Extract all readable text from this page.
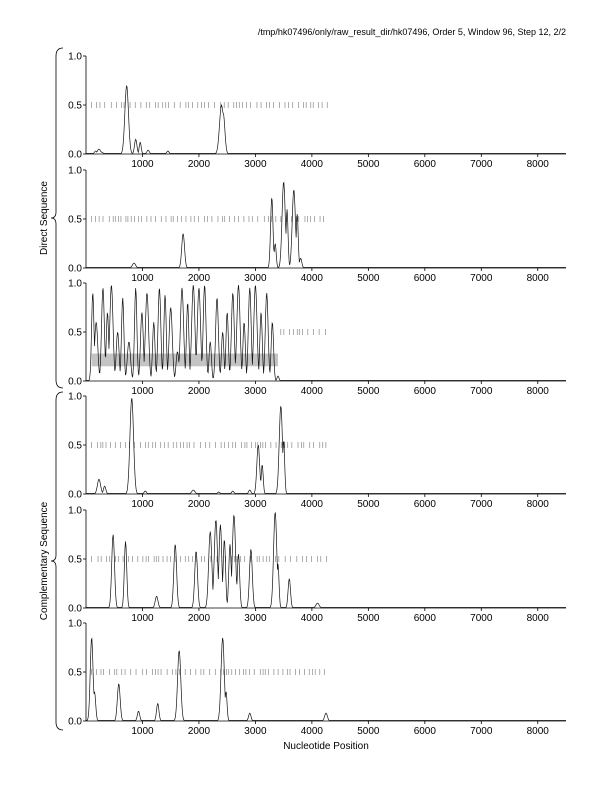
/tmp/hk07496/only/raw_result_dir/hk07496, Order 5, Window 96, Step 12, 2/2
Direct Sequence
Complementary Sequence
0.0
0.5
1.0
1000	2000	3000	4000	5000	6000	7000	8000
0.0
0.5
1.0
1000	2000	3000	4000	5000	6000	7000	8000
0.0
0.5
1.0
1000	2000	3000	4000	5000	6000	7000	8000
0.0
0.5
1.0
1000	2000	3000	4000	5000	6000	7000	8000
0.0
0.5
1.0
1000	2000	3000	4000	5000	6000	7000	8000
0.0
0.5
1.0
1000	2000	3000	4000	5000	6000	7000	8000
Nucleotide Position
